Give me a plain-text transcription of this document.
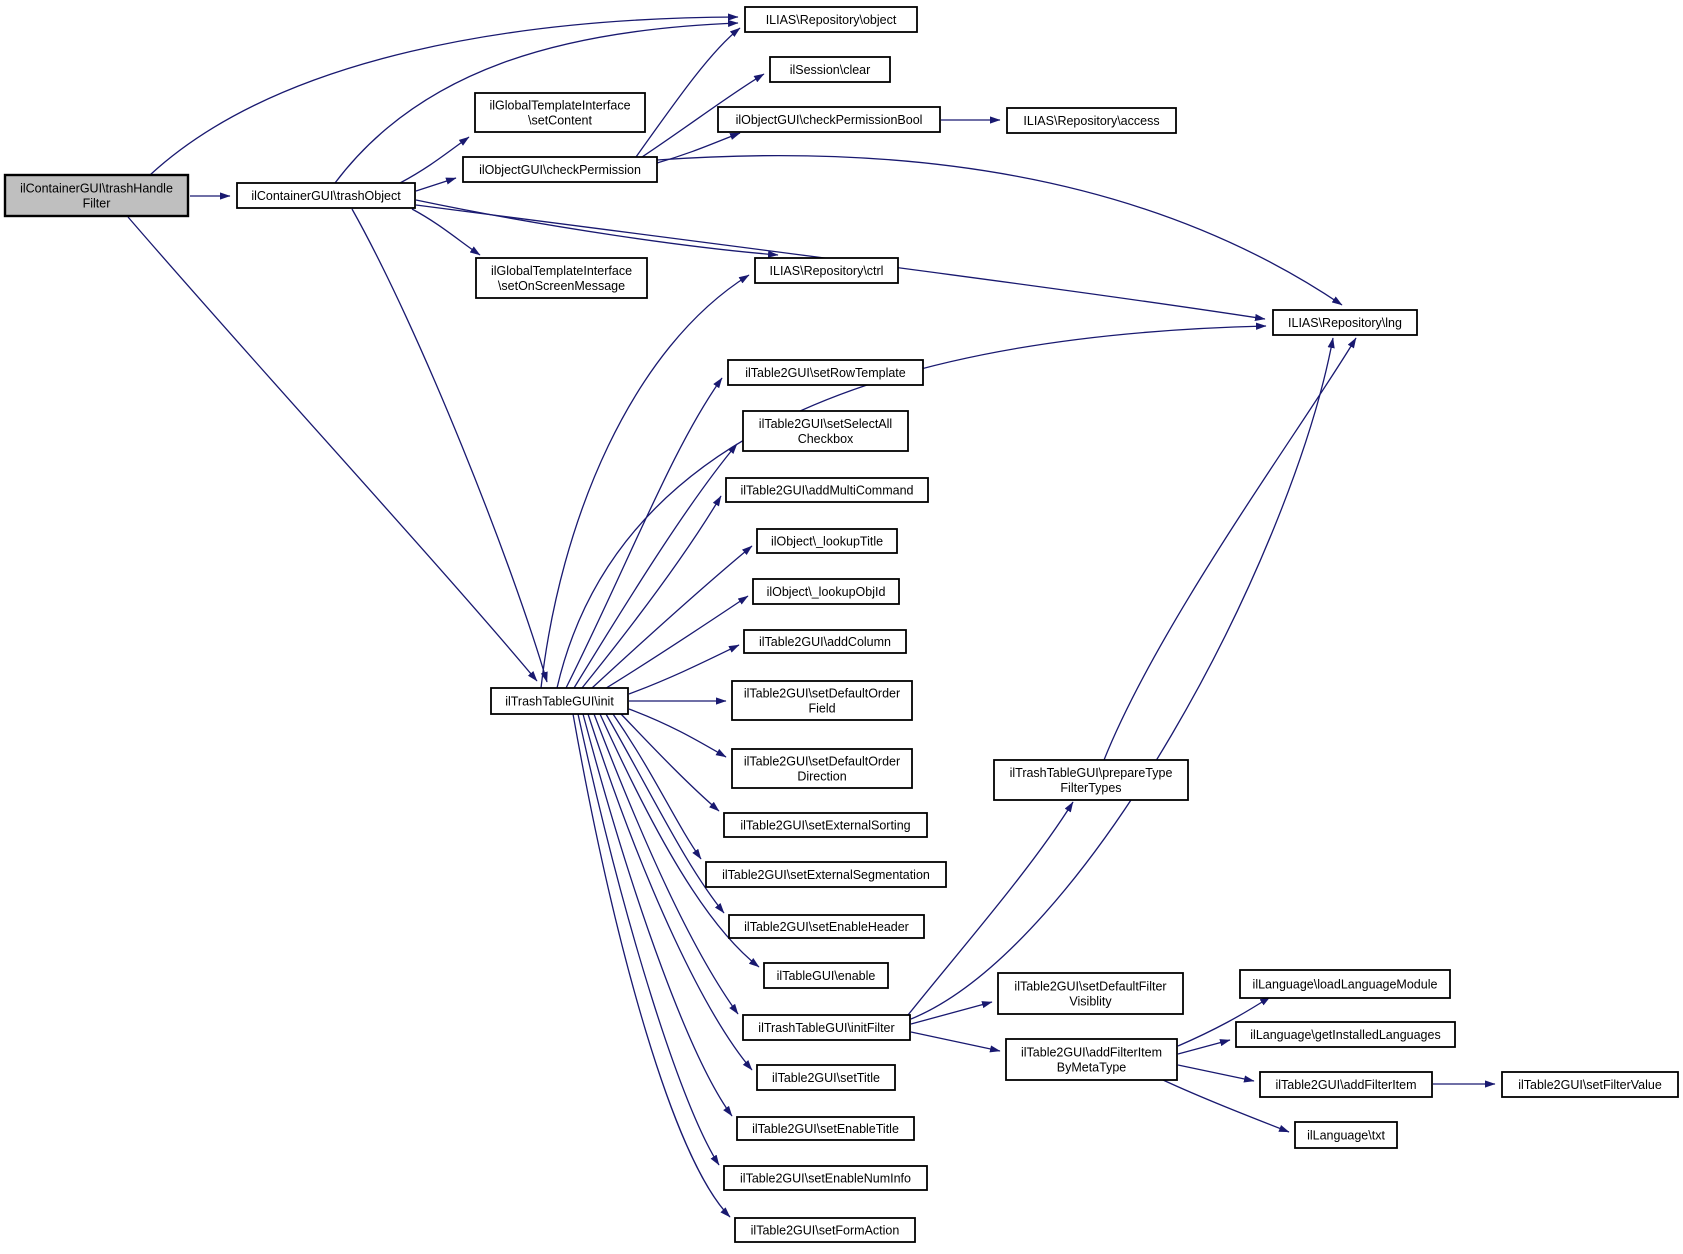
ilContainerGUI\trashHandle Filter
ilContainerGUI\trashObject
ilGlobalTemplateInterface \setContent
ilObjectGUI\checkPermission
ilGlobalTemplateInterface \setOnScreenMessage
ILIAS\Repository\object
ilSession\clear
ilObjectGUI\checkPermissionBool	ILIAS\Repository\access
ILIAS\Repository\ctrl
ILIAS\Repository\lng
ilTrashTableGUI\init
ilTable2GUI\setRowTemplate
ilTable2GUI\setSelectAll Checkbox
ilTable2GUI\addMultiCommand
ilObject\_lookupTitle
ilObject\_lookupObjId
ilTable2GUI\addColumn
ilTable2GUI\setDefaultOrder Field
ilTable2GUI\setDefaultOrder Direction
ilTable2GUI\setExternalSorting
ilTable2GUI\setExternalSegmentation
ilTable2GUI\setEnableHeader
ilTableGUI\enable
ilTrashTableGUI\initFilter
ilTable2GUI\setTitle
ilTable2GUI\setEnableTitle
ilTable2GUI\setEnableNumInfo
ilTable2GUI\setFormAction
ilTrashTableGUI\prepareType FilterTypes
ilTable2GUI\setDefaultFilter Visiblity
ilTable2GUI\addFilterItem ByMetaType
ilLanguage\loadLanguageModule
ilLanguage\getInstalledLanguages
ilTable2GUI\addFilterItem	ilTable2GUI\setFilterValue
ilLanguage\txt
